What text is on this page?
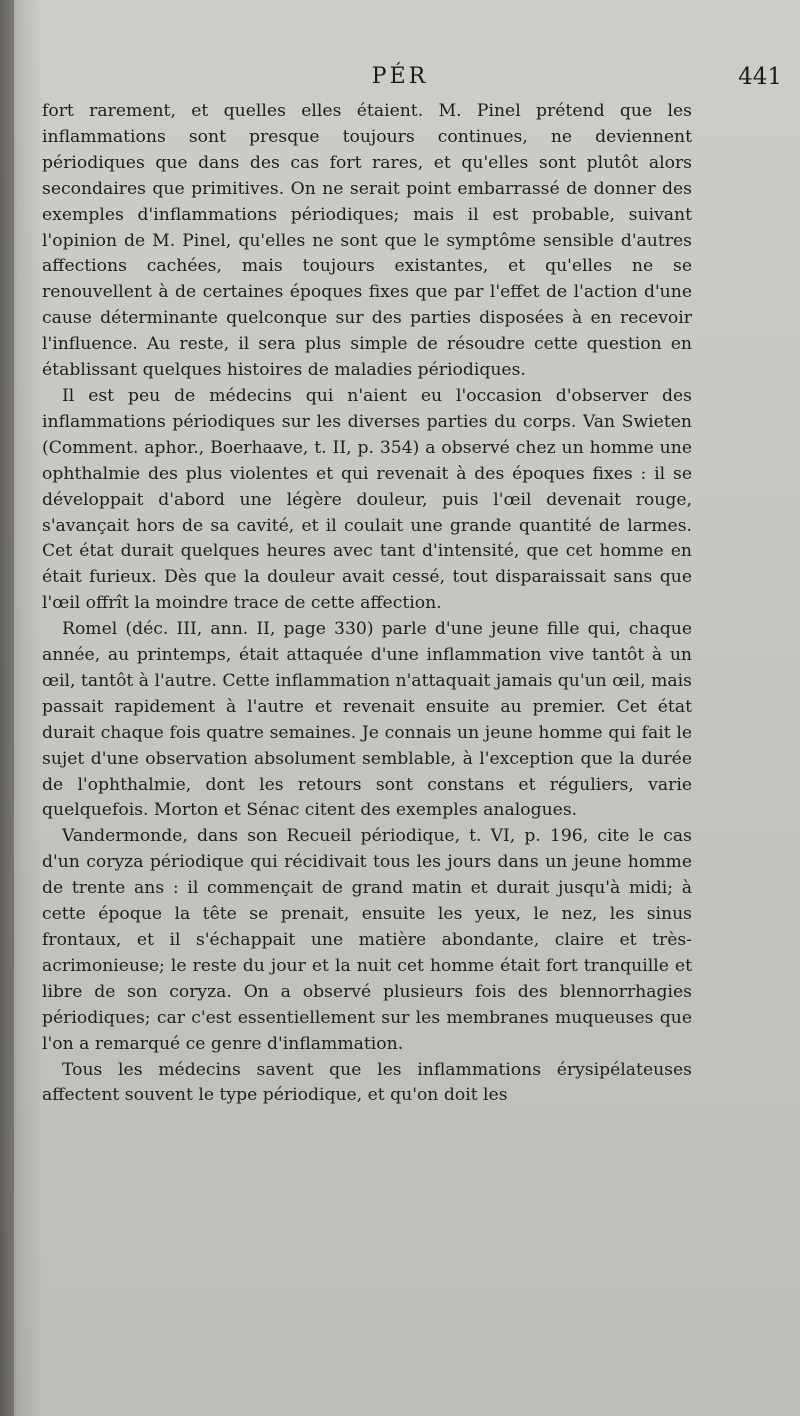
PÉR	441

fort rarement, et quelles elles étaient. M. Pinel prétend que les inflammations sont presque toujours continues, ne deviennent périodiques que dans des cas fort rares, et qu'elles sont plutôt alors secondaires que primitives. On ne serait point embarrassé de donner des exemples d'inflammations périodiques; mais il est probable, suivant l'opinion de M. Pinel, qu'elles ne sont que le symptôme sensible d'autres affections cachées, mais toujours existantes, et qu'elles ne se renouvellent à de certaines époques fixes que par l'effet de l'action d'une cause déterminante quelconque sur des parties disposées à en recevoir l'influence. Au reste, il sera plus simple de résoudre cette question en établissant quelques histoires de maladies périodiques.

Il est peu de médecins qui n'aient eu l'occasion d'observer des inflammations périodiques sur les diverses parties du corps. Van Swieten (Comment. aphor., Boerhaave, t. II, p. 354) a observé chez un homme une ophthalmie des plus violentes et qui revenait à des époques fixes : il se développait d'abord une légère douleur, puis l'œil devenait rouge, s'avançait hors de sa cavité, et il coulait une grande quantité de larmes. Cet état durait quelques heures avec tant d'intensité, que cet homme en était furieux. Dès que la douleur avait cessé, tout disparaissait sans que l'œil offrît la moindre trace de cette affection.

Romel (déc. III, ann. II, page 330) parle d'une jeune fille qui, chaque année, au printemps, était attaquée d'une inflammation vive tantôt à un œil, tantôt à l'autre. Cette inflammation n'attaquait jamais qu'un œil, mais passait rapidement à l'autre et revenait ensuite au premier. Cet état durait chaque fois quatre semaines. Je connais un jeune homme qui fait le sujet d'une observation absolument semblable, à l'exception que la durée de l'ophthalmie, dont les retours sont constans et réguliers, varie quelquefois. Morton et Sénac citent des exemples analogues.

Vandermonde, dans son Recueil périodique, t. VI, p. 196, cite le cas d'un coryza périodique qui récidivait tous les jours dans un jeune homme de trente ans : il commençait de grand matin et durait jusqu'à midi; à cette époque la tête se prenait, ensuite les yeux, le nez, les sinus frontaux, et il s'échappait une matière abondante, claire et très-acrimonieuse; le reste du jour et la nuit cet homme était fort tranquille et libre de son coryza. On a observé plusieurs fois des blennorrhagies périodiques; car c'est essentiellement sur les membranes muqueuses que l'on a remarqué ce genre d'inflammation.

Tous les médecins savent que les inflammations érysipélateuses affectent souvent le type périodique, et qu'on doit les
